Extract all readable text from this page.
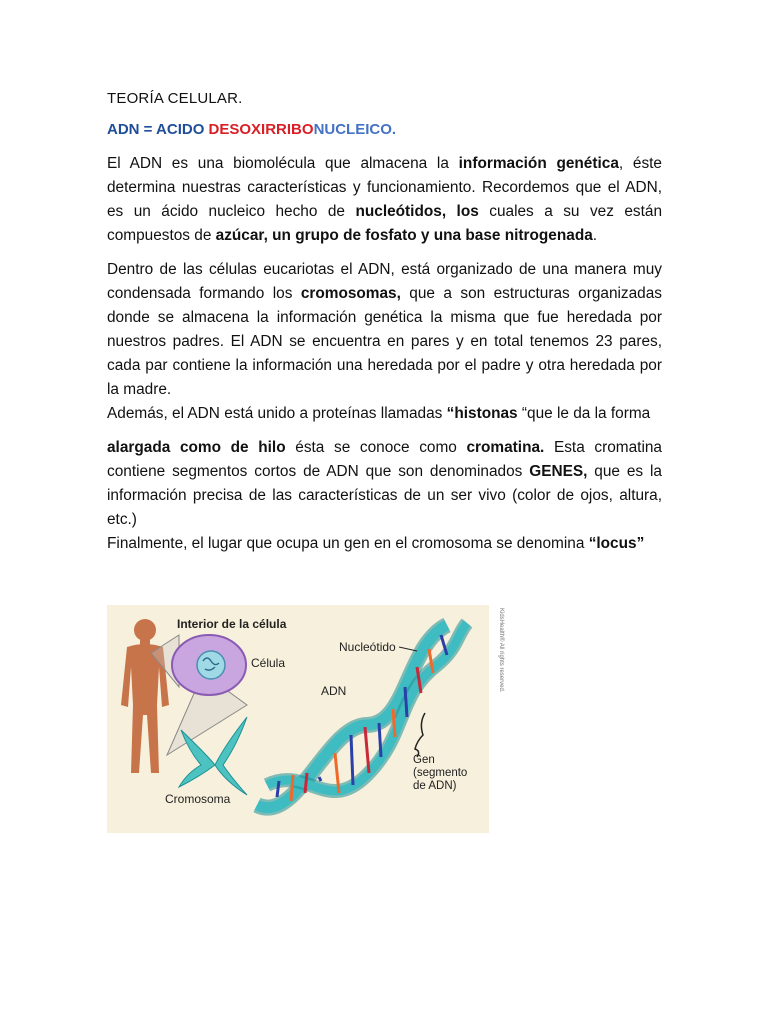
TEORÍA CELULAR.
ADN = ACIDO DESOXIRRIBONUCLEICO.

El ADN es una biomolécula que almacena la información genética, éste determina nuestras características y funcionamiento. Recordemos que el ADN, es un ácido nucleico hecho de nucleótidos, los cuales a su vez están compuestos de azúcar, un grupo de fosfato y una base nitrogenada.

Dentro de las células eucariotas el ADN, está organizado de una manera muy condensada formando los cromosomas, que a son estructuras organizadas donde se almacena la información genética la misma que fue heredada por nuestros padres. El ADN se encuentra en pares y en total tenemos 23 pares, cada par contiene la información una heredada por el padre y otra heredada por la madre.

Además, el ADN está unido a proteínas llamadas “histonas “que le da la forma

alargada como de hilo ésta se conoce como cromatina. Esta cromatina contiene segmentos cortos de ADN que son denominados GENES, que es la información precisa de las características de un ser vivo (color de ojos, altura, etc.)

Finalmente, el lugar que ocupa un gen en el cromosoma se denomina “locus”

Interior de la célula
Célula
Cromosoma
Nucleótido
ADN
Gen
(segmento
de ADN)
KidsHealth® All rights reserved.
